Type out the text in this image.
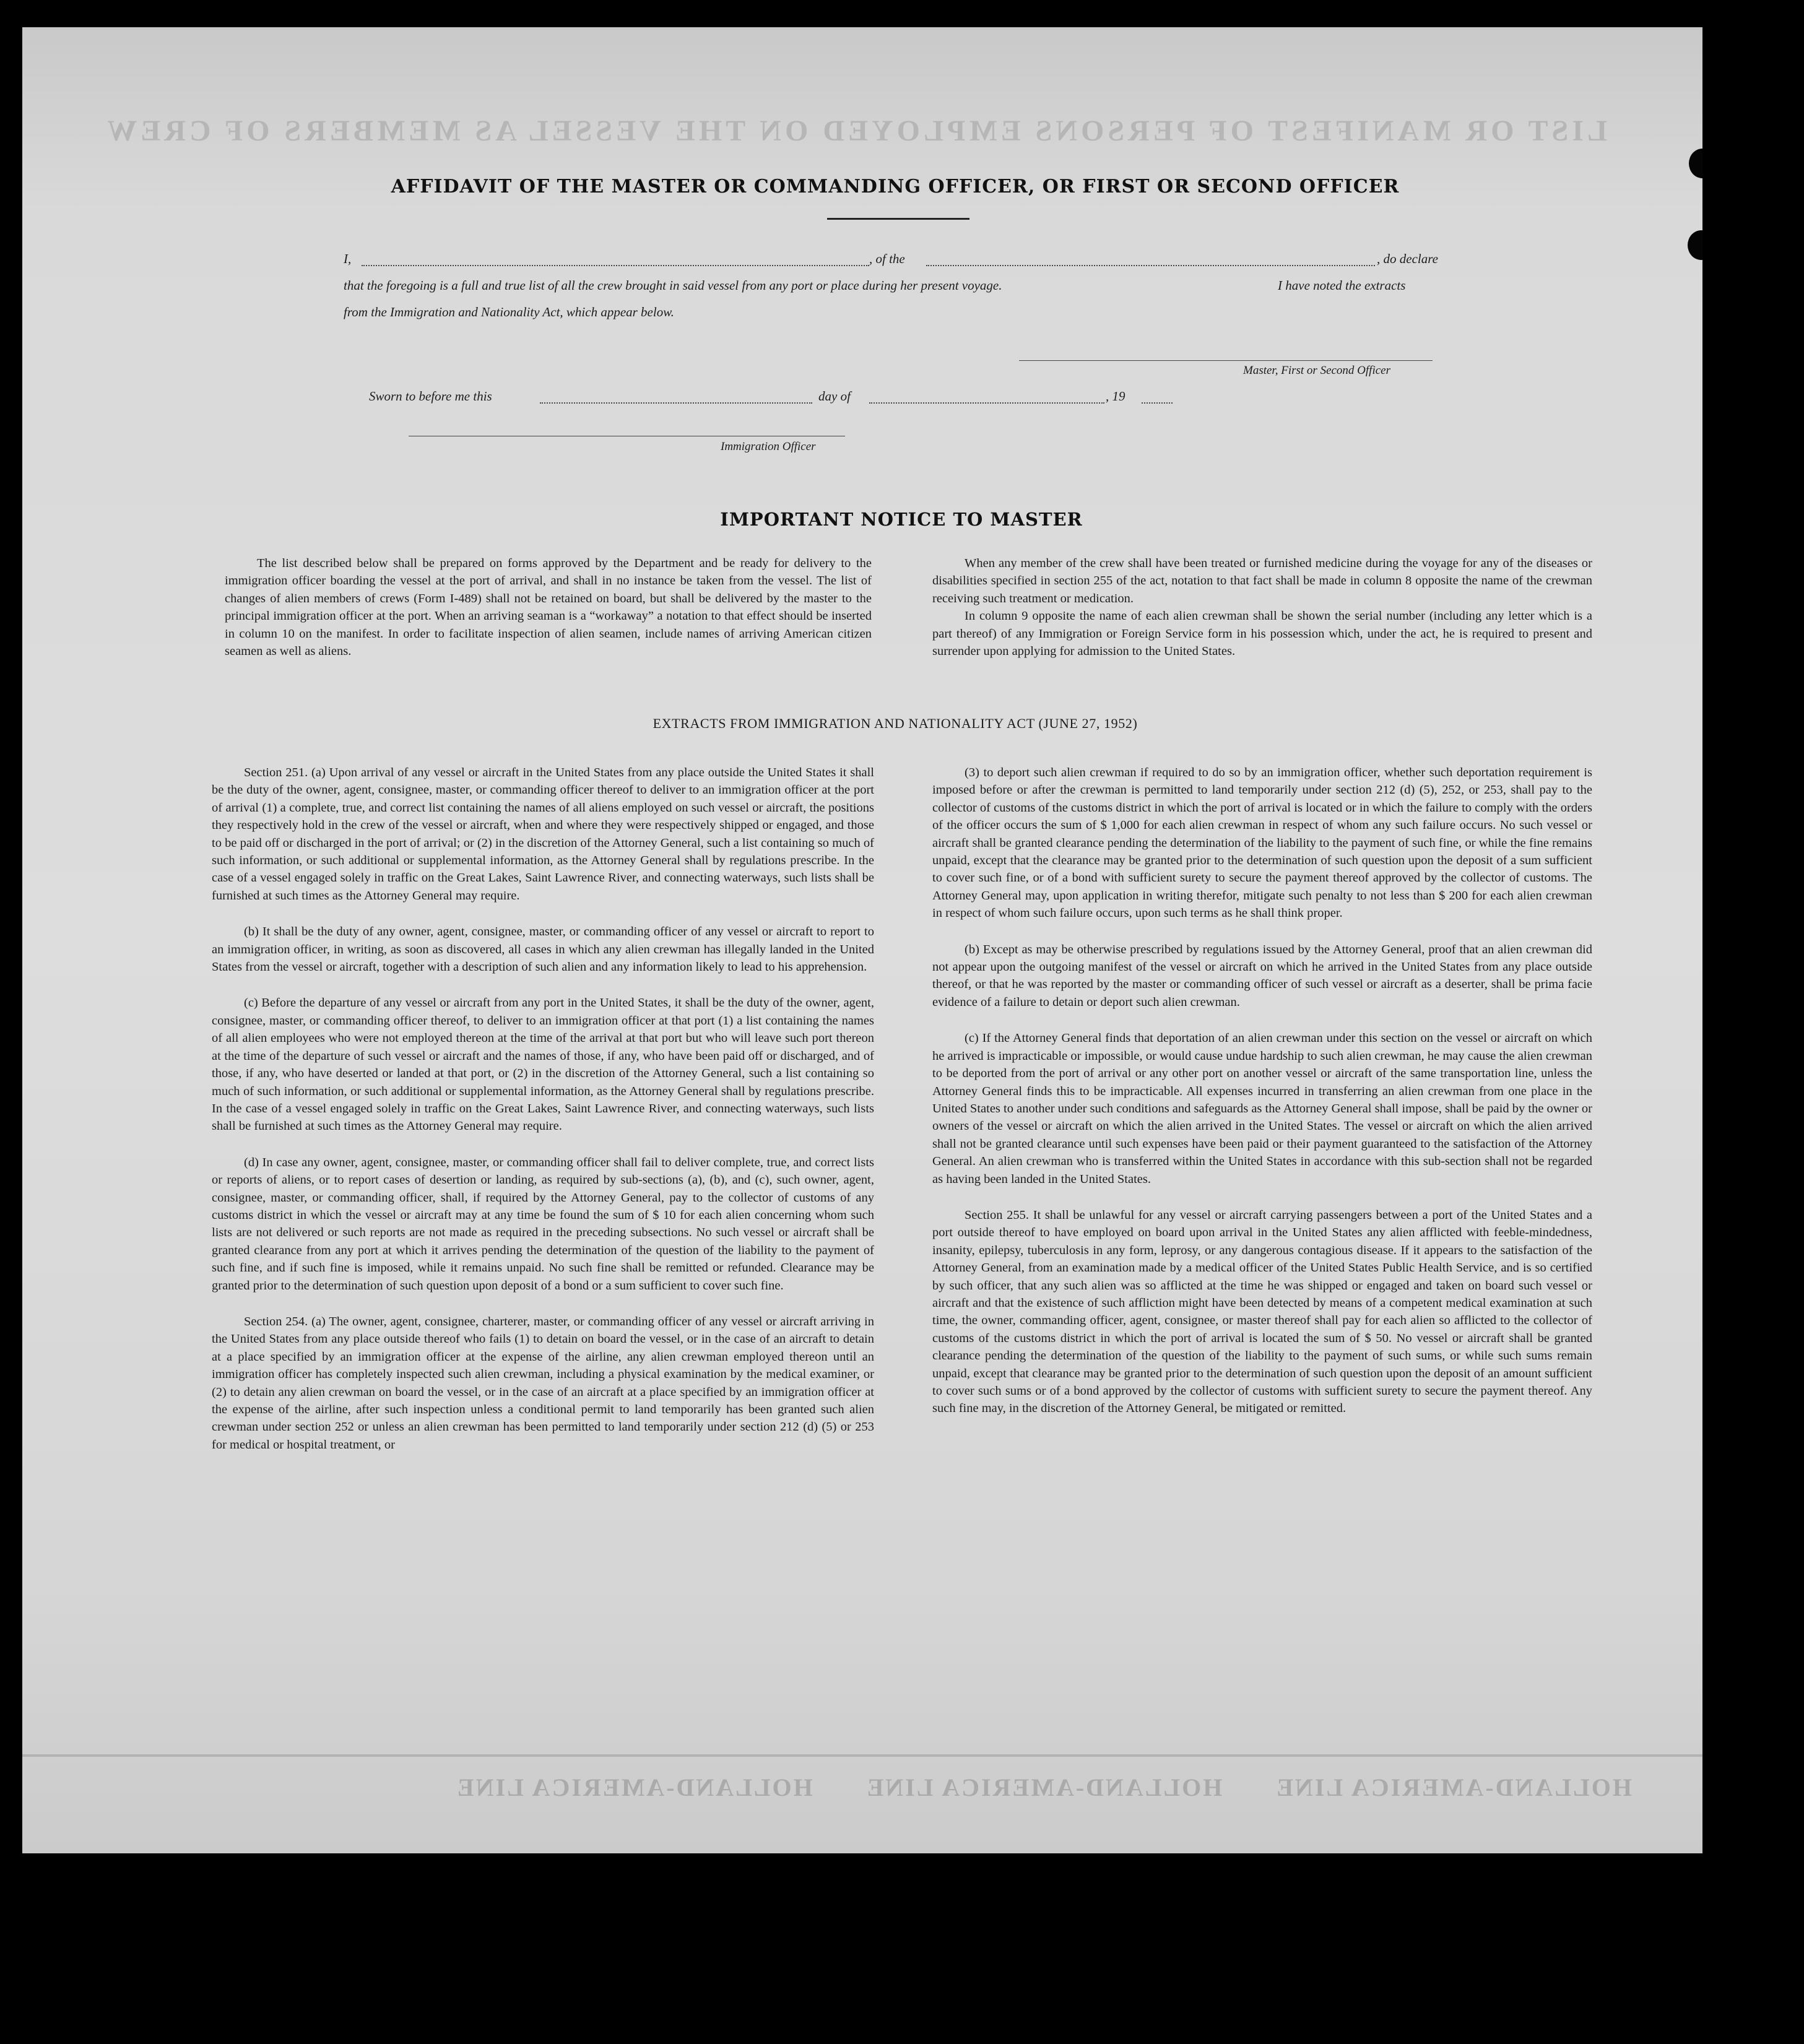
LIST OR MANIFEST OF PERSONS EMPLOYED ON THE VESSEL AS MEMBERS OF CREW
AFFIDAVIT OF THE MASTER OR COMMANDING OFFICER, OR FIRST OR SECOND OFFICER
I,	, of the	, do declare
that the foregoing is a full and true list of all the crew brought in said vessel from any port or place during her present voyage.	I have noted the extracts
from the Immigration and Nationality Act, which appear below.
Master, First or Second Officer
Sworn to before me this	day of	, 19
Immigration Officer
IMPORTANT NOTICE TO MASTER

The list described below shall be prepared on forms approved by the Department and be ready for delivery to the immigration officer boarding the vessel at the port of arrival, and shall in no instance be taken from the vessel. The list of changes of alien members of crews (Form I-489) shall not be retained on board, but shall be delivered by the master to the principal immigration officer at the port. When an arriving seaman is a “workaway” a notation to that effect should be inserted in column 10 on the manifest. In order to facilitate inspection of alien seamen, include names of arriving American citizen seamen as well as aliens.

When any member of the crew shall have been treated or furnished medicine during the voyage for any of the diseases or disabilities specified in section 255 of the act, notation to that fact shall be made in column 8 opposite the name of the crewman receiving such treatment or medication.

In column 9 opposite the name of each alien crewman shall be shown the serial number (including any letter which is a part thereof) of any Immigration or Foreign Service form in his possession which, under the act, he is required to present and surrender upon applying for admission to the United States.

EXTRACTS FROM IMMIGRATION AND NATIONALITY ACT (JUNE 27, 1952)

Section 251. (a) Upon arrival of any vessel or aircraft in the United States from any place outside the United States it shall be the duty of the owner, agent, consignee, master, or commanding officer thereof to deliver to an immigration officer at the port of arrival (1) a complete, true, and correct list containing the names of all aliens employed on such vessel or aircraft, the positions they respectively hold in the crew of the vessel or aircraft, when and where they were respectively shipped or engaged, and those to be paid off or discharged in the port of arrival; or (2) in the discretion of the Attorney General, such a list containing so much of such information, or such additional or supplemental information, as the Attorney General shall by regulations prescribe. In the case of a vessel engaged solely in traffic on the Great Lakes, Saint Lawrence River, and connecting waterways, such lists shall be furnished at such times as the Attorney General may require.

(b) It shall be the duty of any owner, agent, consignee, master, or commanding officer of any vessel or aircraft to report to an immigration officer, in writing, as soon as discovered, all cases in which any alien crewman has illegally landed in the United States from the vessel or aircraft, together with a description of such alien and any information likely to lead to his apprehension.

(c) Before the departure of any vessel or aircraft from any port in the United States, it shall be the duty of the owner, agent, consignee, master, or commanding officer thereof, to deliver to an immigration officer at that port (1) a list containing the names of all alien employees who were not employed thereon at the time of the arrival at that port but who will leave such port thereon at the time of the departure of such vessel or aircraft and the names of those, if any, who have been paid off or discharged, and of those, if any, who have deserted or landed at that port, or (2) in the discretion of the Attorney General, such a list containing so much of such information, or such additional or supplemental information, as the Attorney General shall by regulations prescribe. In the case of a vessel engaged solely in traffic on the Great Lakes, Saint Lawrence River, and connecting waterways, such lists shall be furnished at such times as the Attorney General may require.

(d) In case any owner, agent, consignee, master, or commanding officer shall fail to deliver complete, true, and correct lists or reports of aliens, or to report cases of desertion or landing, as required by sub-sections (a), (b), and (c), such owner, agent, consignee, master, or commanding officer, shall, if required by the Attorney General, pay to the collector of customs of any customs district in which the vessel or aircraft may at any time be found the sum of $ 10 for each alien concerning whom such lists are not delivered or such reports are not made as required in the preceding subsections. No such vessel or aircraft shall be granted clearance from any port at which it arrives pending the determination of the question of the liability to the payment of such fine, and if such fine is imposed, while it remains unpaid. No such fine shall be remitted or refunded. Clearance may be granted prior to the determination of such question upon deposit of a bond or a sum sufficient to cover such fine.

Section 254. (a) The owner, agent, consignee, charterer, master, or commanding officer of any vessel or aircraft arriving in the United States from any place outside thereof who fails (1) to detain on board the vessel, or in the case of an aircraft to detain at a place specified by an immigration officer at the expense of the airline, any alien crewman employed thereon until an immigration officer has completely inspected such alien crewman, including a physical examination by the medical examiner, or (2) to detain any alien crewman on board the vessel, or in the case of an aircraft at a place specified by an immigration officer at the expense of the airline, after such inspection unless a conditional permit to land temporarily has been granted such alien crewman under section 252 or unless an alien crewman has been permitted to land temporarily under section 212 (d) (5) or 253 for medical or hospital treatment, or

(3) to deport such alien crewman if required to do so by an immigration officer, whether such deportation requirement is imposed before or after the crewman is permitted to land temporarily under section 212 (d) (5), 252, or 253, shall pay to the collector of customs of the customs district in which the port of arrival is located or in which the failure to comply with the orders of the officer occurs the sum of $ 1,000 for each alien crewman in respect of whom any such failure occurs. No such vessel or aircraft shall be granted clearance pending the determination of the liability to the payment of such fine, or while the fine remains unpaid, except that the clearance may be granted prior to the determination of such question upon the deposit of a sum sufficient to cover such fine, or of a bond with sufficient surety to secure the payment thereof approved by the collector of customs. The Attorney General may, upon application in writing therefor, mitigate such penalty to not less than $ 200 for each alien crewman in respect of whom such failure occurs, upon such terms as he shall think proper.

(b) Except as may be otherwise prescribed by regulations issued by the Attorney General, proof that an alien crewman did not appear upon the outgoing manifest of the vessel or aircraft on which he arrived in the United States from any place outside thereof, or that he was reported by the master or commanding officer of such vessel or aircraft as a deserter, shall be prima facie evidence of a failure to detain or deport such alien crewman.

(c) If the Attorney General finds that deportation of an alien crewman under this section on the vessel or aircraft on which he arrived is impracticable or impossible, or would cause undue hardship to such alien crewman, he may cause the alien crewman to be deported from the port of arrival or any other port on another vessel or aircraft of the same transportation line, unless the Attorney General finds this to be impracticable. All expenses incurred in transferring an alien crewman from one place in the United States to another under such conditions and safeguards as the Attorney General shall impose, shall be paid by the owner or owners of the vessel or aircraft on which the alien arrived in the United States. The vessel or aircraft on which the alien arrived shall not be granted clearance until such expenses have been paid or their payment guaranteed to the satisfaction of the Attorney General. An alien crewman who is transferred within the United States in accordance with this sub-section shall not be regarded as having been landed in the United States.

Section 255. It shall be unlawful for any vessel or aircraft carrying passengers between a port of the United States and a port outside thereof to have employed on board upon arrival in the United States any alien afflicted with feeble-mindedness, insanity, epilepsy, tuberculosis in any form, leprosy, or any dangerous contagious disease. If it appears to the satisfaction of the Attorney General, from an examination made by a medical officer of the United States Public Health Service, and is so certified by such officer, that any such alien was so afflicted at the time he was shipped or engaged and taken on board such vessel or aircraft and that the existence of such affliction might have been detected by means of a competent medical examination at such time, the owner, commanding officer, agent, consignee, or master thereof shall pay for each alien so afflicted to the collector of customs of the customs district in which the port of arrival is located the sum of $ 50. No vessel or aircraft shall be granted clearance pending the determination of the question of the liability to the payment of such sums, or while such sums remain unpaid, except that clearance may be granted prior to the determination of such question upon the deposit of an amount sufficient to cover such sums or of a bond approved by the collector of customs with sufficient surety to secure the payment thereof. Any such fine may, in the discretion of the Attorney General, be mitigated or remitted.

HOLLAND-AMERICA LINE
HOLLAND-AMERICA LINE
HOLLAND-AMERICA LINE
